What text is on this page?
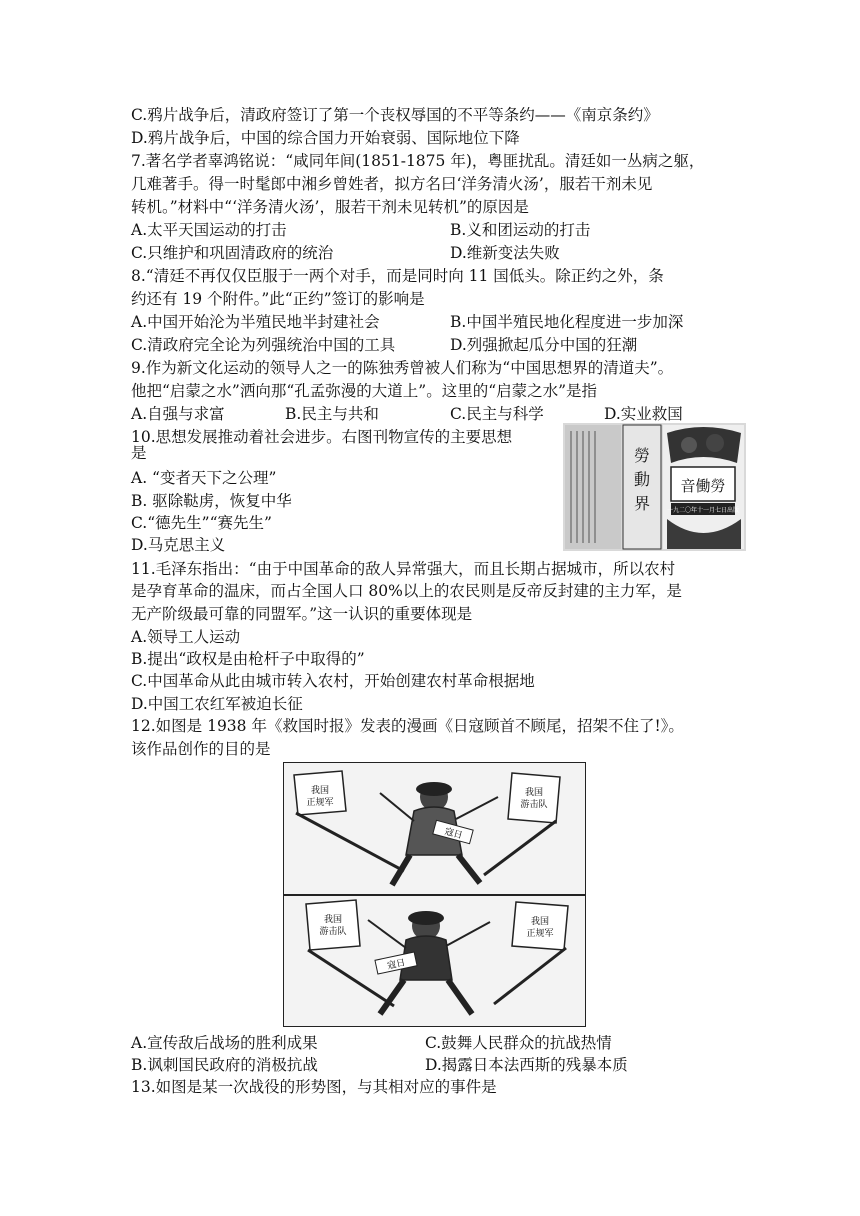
C.鸦片战争后，清政府签订了第一个丧权辱国的不平等条约——《南京条约》
D.鸦片战争后，中国的综合国力开始衰弱、国际地位下降
7.著名学者辜鸿铭说：“咸同年间(1851-1875 年)，粤匪扰乱。清廷如一丛病之躯，
几难著手。得一时髦郎中湘乡曾姓者，拟方名曰‘洋务清火汤’，服若干剂未见
转机。”材料中“‘洋务清火汤’，服若干剂未见转机”的原因是
A.太平天国运动的打击	B.义和团运动的打击
C.只维护和巩固清政府的统治	D.维新变法失败
8.“清廷不再仅仅臣服于一两个对手，而是同时向 11 国低头。除正约之外，条
约还有 19 个附件。”此“正约”签订的影响是
A.中国开始沦为半殖民地半封建社会	B.中国半殖民地化程度进一步加深
C.清政府完全论为列强统治中国的工具	D.列强掀起瓜分中国的狂潮
9.作为新文化运动的领导人之一的陈独秀曾被人们称为“中国思想界的清道夫”。
他把“启蒙之水”洒向那“孔孟弥漫的大道上”。这里的“启蒙之水”是指
A.自强与求富	B.民主与共和	C.民主与科学	D.实业救国
10.思想发展推动着社会进步。右图刊物宣传的主要思想
是
A. “变者天下之公理”
B. 驱除鞑虏，恢复中华
C.“德先生”“赛先生”
D.马克思主义
勞
動
界
音働勞
一九二〇年十一月七日出版
11.毛泽东指出：“由于中国革命的敌人异常强大，而且长期占据城市，所以农村
是孕育革命的温床，而占全国人口 80%以上的农民则是反帝反封建的主力军，是
无产阶级最可靠的同盟军。”这一认识的重要体现是
A.领导工人运动
B.提出“政权是由枪杆子中取得的”
C.中国革命从此由城市转入农村，开始创建农村革命根据地
D.中国工农红军被迫长征
12.如图是 1938 年《救国时报》发表的漫画《日寇顾首不顾尾，招架不住了!》。
该作品创作的目的是
我国
正规军
我国
游击队
寇日
我国
游击队
我国
正规军
寇日
A.宣传敌后战场的胜利成果	C.鼓舞人民群众的抗战热情
B.讽刺国民政府的消极抗战	D.揭露日本法西斯的残暴本质
13.如图是某一次战役的形势图，与其相对应的事件是
